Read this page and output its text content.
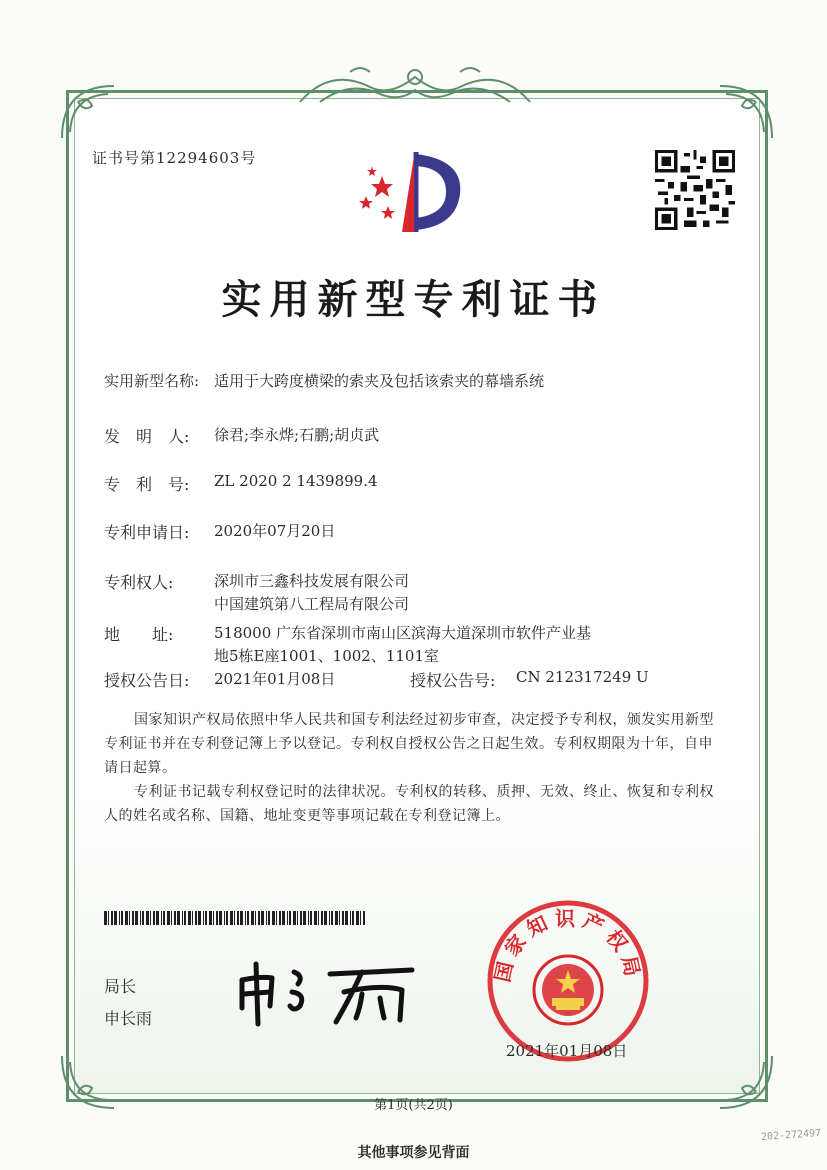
证书号第12294603号
实用新型专利证书
实用新型名称: 适用于大跨度横梁的索夹及包括该索夹的幕墙系统
发　明　人: 徐君;李永烨;石鹏;胡贞武
专　利　号: ZL 2020 2 1439899.4
专利申请日: 2020年07月20日
专利权人:	深圳市三鑫科技发展有限公司
中国建筑第八工程局有限公司
地　　址:	518000 广东省深圳市南山区滨海大道深圳市软件产业基
地5栋E座1001、1002、1101室
授权公告日: 2021年01月08日	授权公告号: CN 212317249 U
国家知识产权局依照中华人民共和国专利法经过初步审查，决定授予专利权，颁发实用新型专利证书并在专利登记簿上予以登记。专利权自授权公告之日起生效。专利权期限为十年，自申请日起算。
专利证书记载专利权登记时的法律状况。专利权的转移、质押、无效、终止、恢复和专利权人的姓名或名称、国籍、地址变更等事项记载在专利登记簿上。
局长
申长雨
国家知识产权局
2021年01月08日
第1页(共2页)
其他事项参见背面
202-272497
